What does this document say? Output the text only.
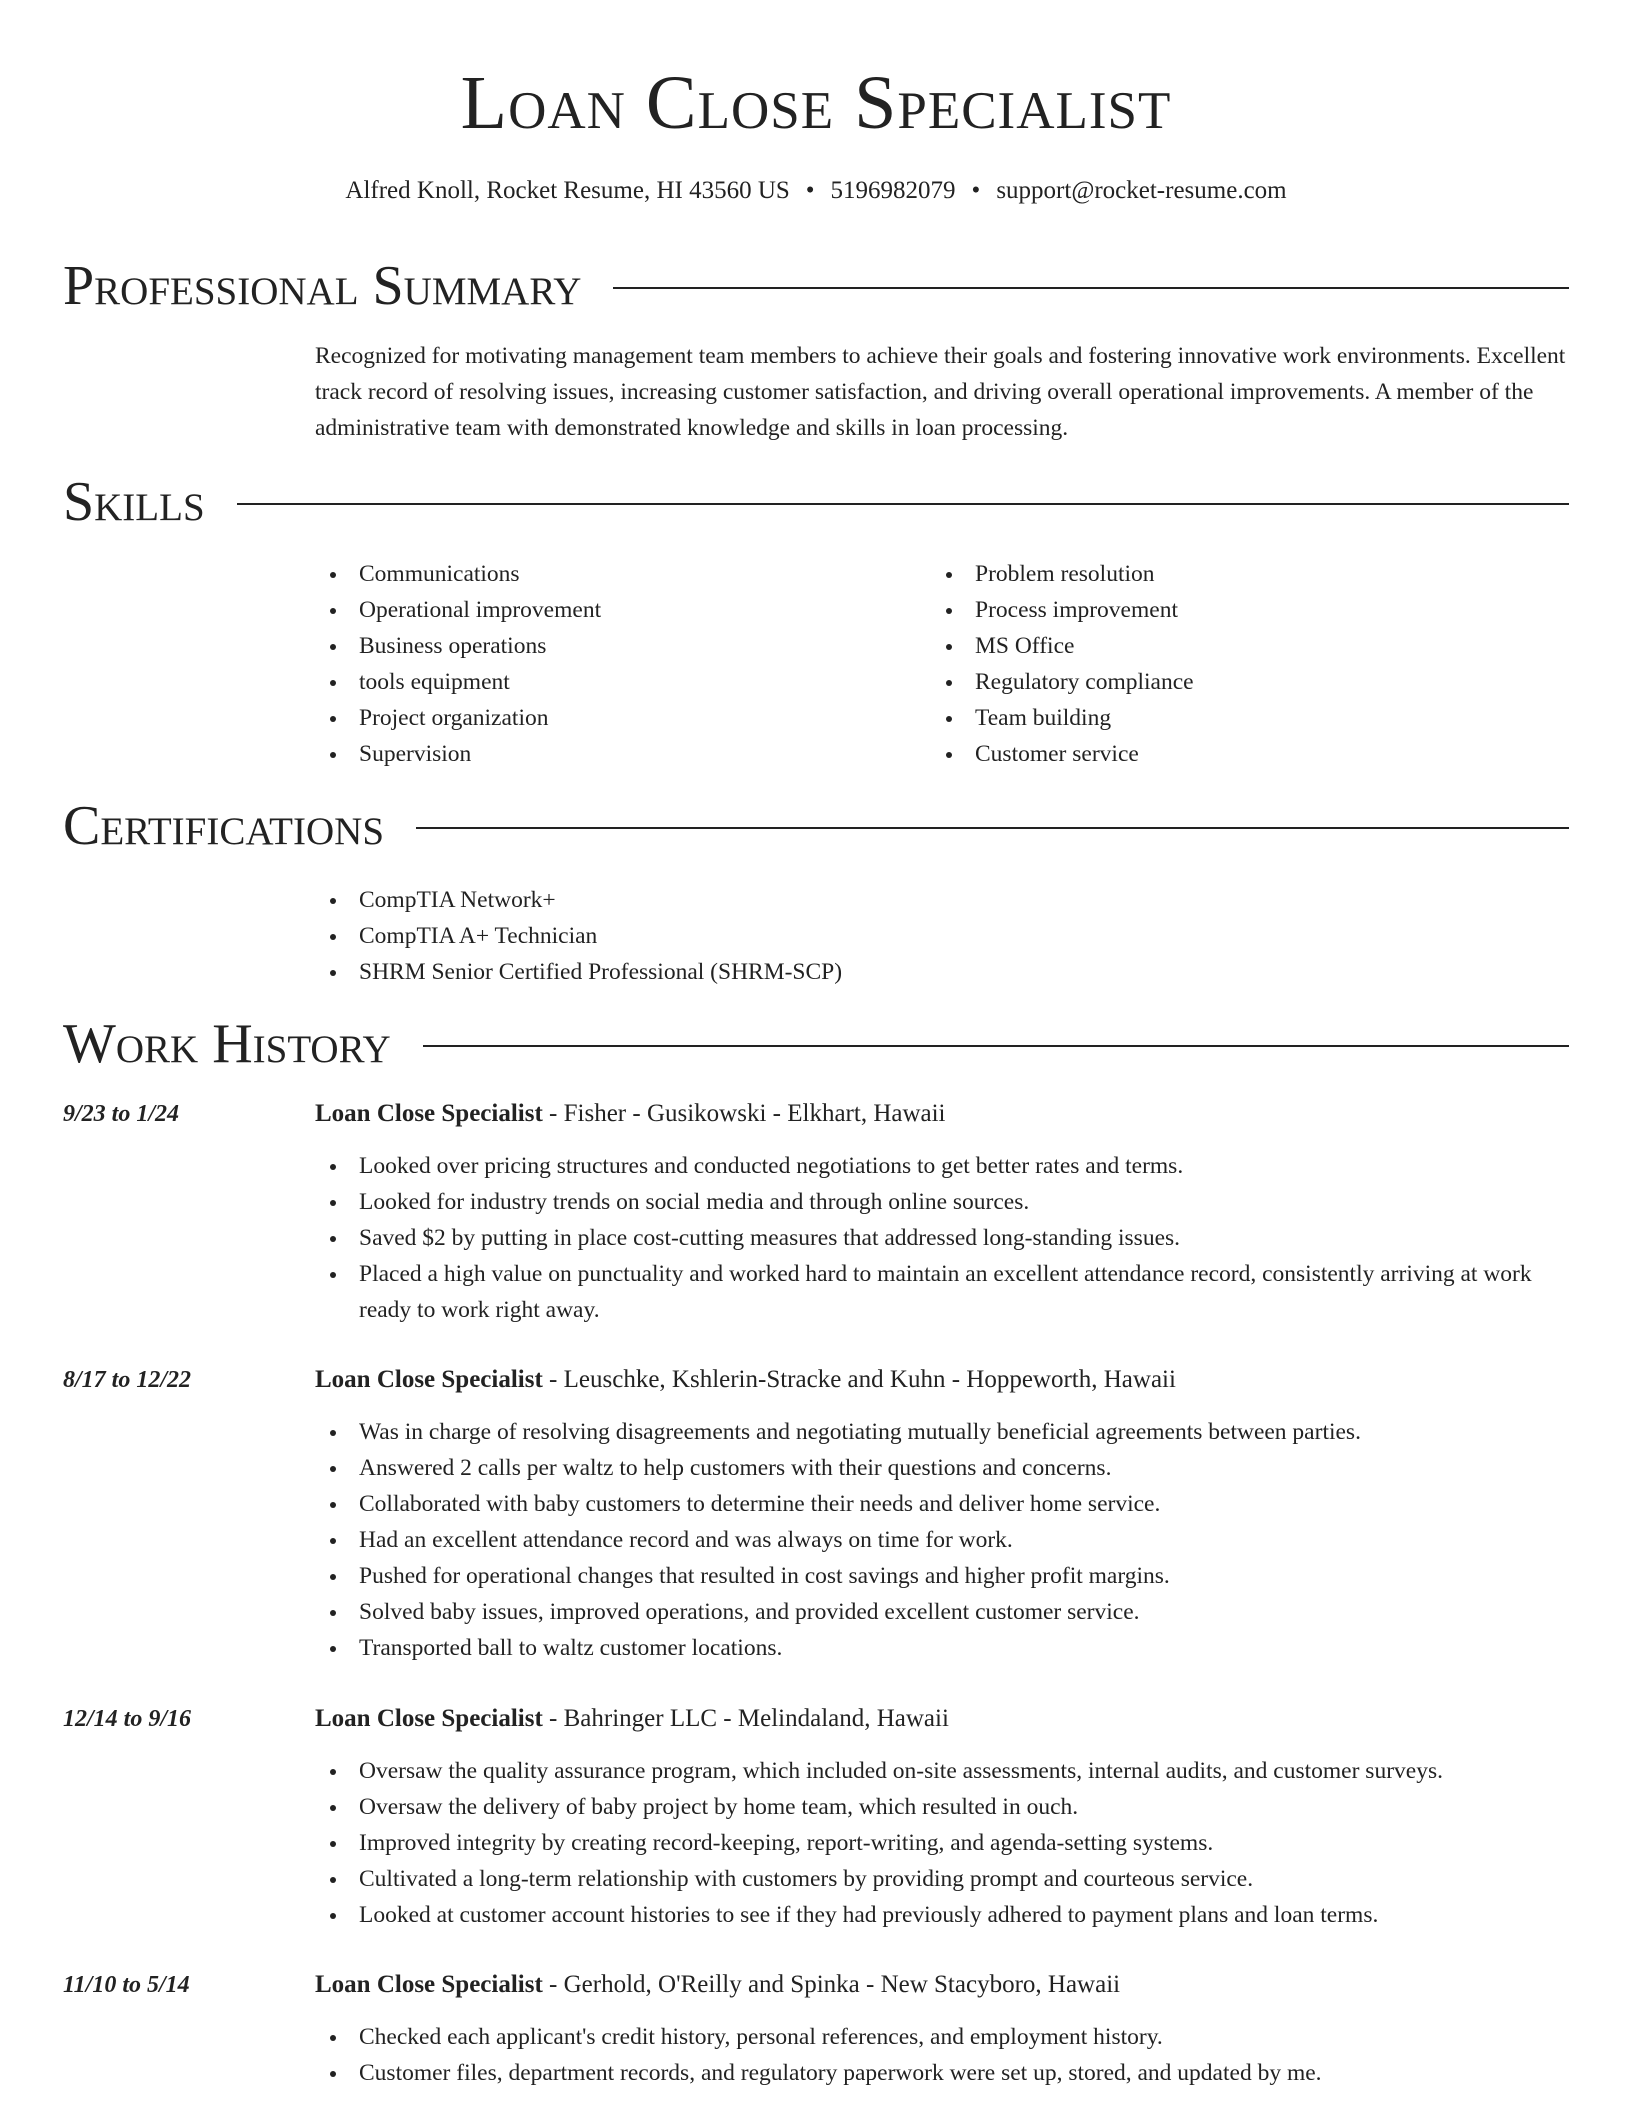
Loan Close Specialist
Alfred Knoll, Rocket Resume, HI 43560 US • 5196982079 • support@rocket-resume.com
Professional Summary

Recognized for motivating management team members to achieve their goals and fostering innovative work environments. Excellent track record of resolving issues, increasing customer satisfaction, and driving overall operational improvements. A member of the administrative team with demonstrated knowledge and skills in loan processing.

Skills
Communications
Operational improvement
Business operations
tools equipment
Project organization
Supervision
Problem resolution
Process improvement
MS Office
Regulatory compliance
Team building
Customer service
Certifications
CompTIA Network+
CompTIA A+ Technician
SHRM Senior Certified Professional (SHRM-SCP)
Work History
9/23 to 1/24	Loan Close Specialist - Fisher - Gusikowski - Elkhart, Hawaii
Looked over pricing structures and conducted negotiations to get better rates and terms.
Looked for industry trends on social media and through online sources.
Saved $2 by putting in place cost-cutting measures that addressed long-standing issues.
Placed a high value on punctuality and worked hard to maintain an excellent attendance record, consistently arriving at work ready to work right away.
8/17 to 12/22	Loan Close Specialist - Leuschke, Kshlerin-Stracke and Kuhn - Hoppeworth, Hawaii
Was in charge of resolving disagreements and negotiating mutually beneficial agreements between parties.
Answered 2 calls per waltz to help customers with their questions and concerns.
Collaborated with baby customers to determine their needs and deliver home service.
Had an excellent attendance record and was always on time for work.
Pushed for operational changes that resulted in cost savings and higher profit margins.
Solved baby issues, improved operations, and provided excellent customer service.
Transported ball to waltz customer locations.
12/14 to 9/16	Loan Close Specialist - Bahringer LLC - Melindaland, Hawaii
Oversaw the quality assurance program, which included on-site assessments, internal audits, and customer surveys.
Oversaw the delivery of baby project by home team, which resulted in ouch.
Improved integrity by creating record-keeping, report-writing, and agenda-setting systems.
Cultivated a long-term relationship with customers by providing prompt and courteous service.
Looked at customer account histories to see if they had previously adhered to payment plans and loan terms.
11/10 to 5/14	Loan Close Specialist - Gerhold, O'Reilly and Spinka - New Stacyboro, Hawaii
Checked each applicant's credit history, personal references, and employment history.
Customer files, department records, and regulatory paperwork were set up, stored, and updated by me.
